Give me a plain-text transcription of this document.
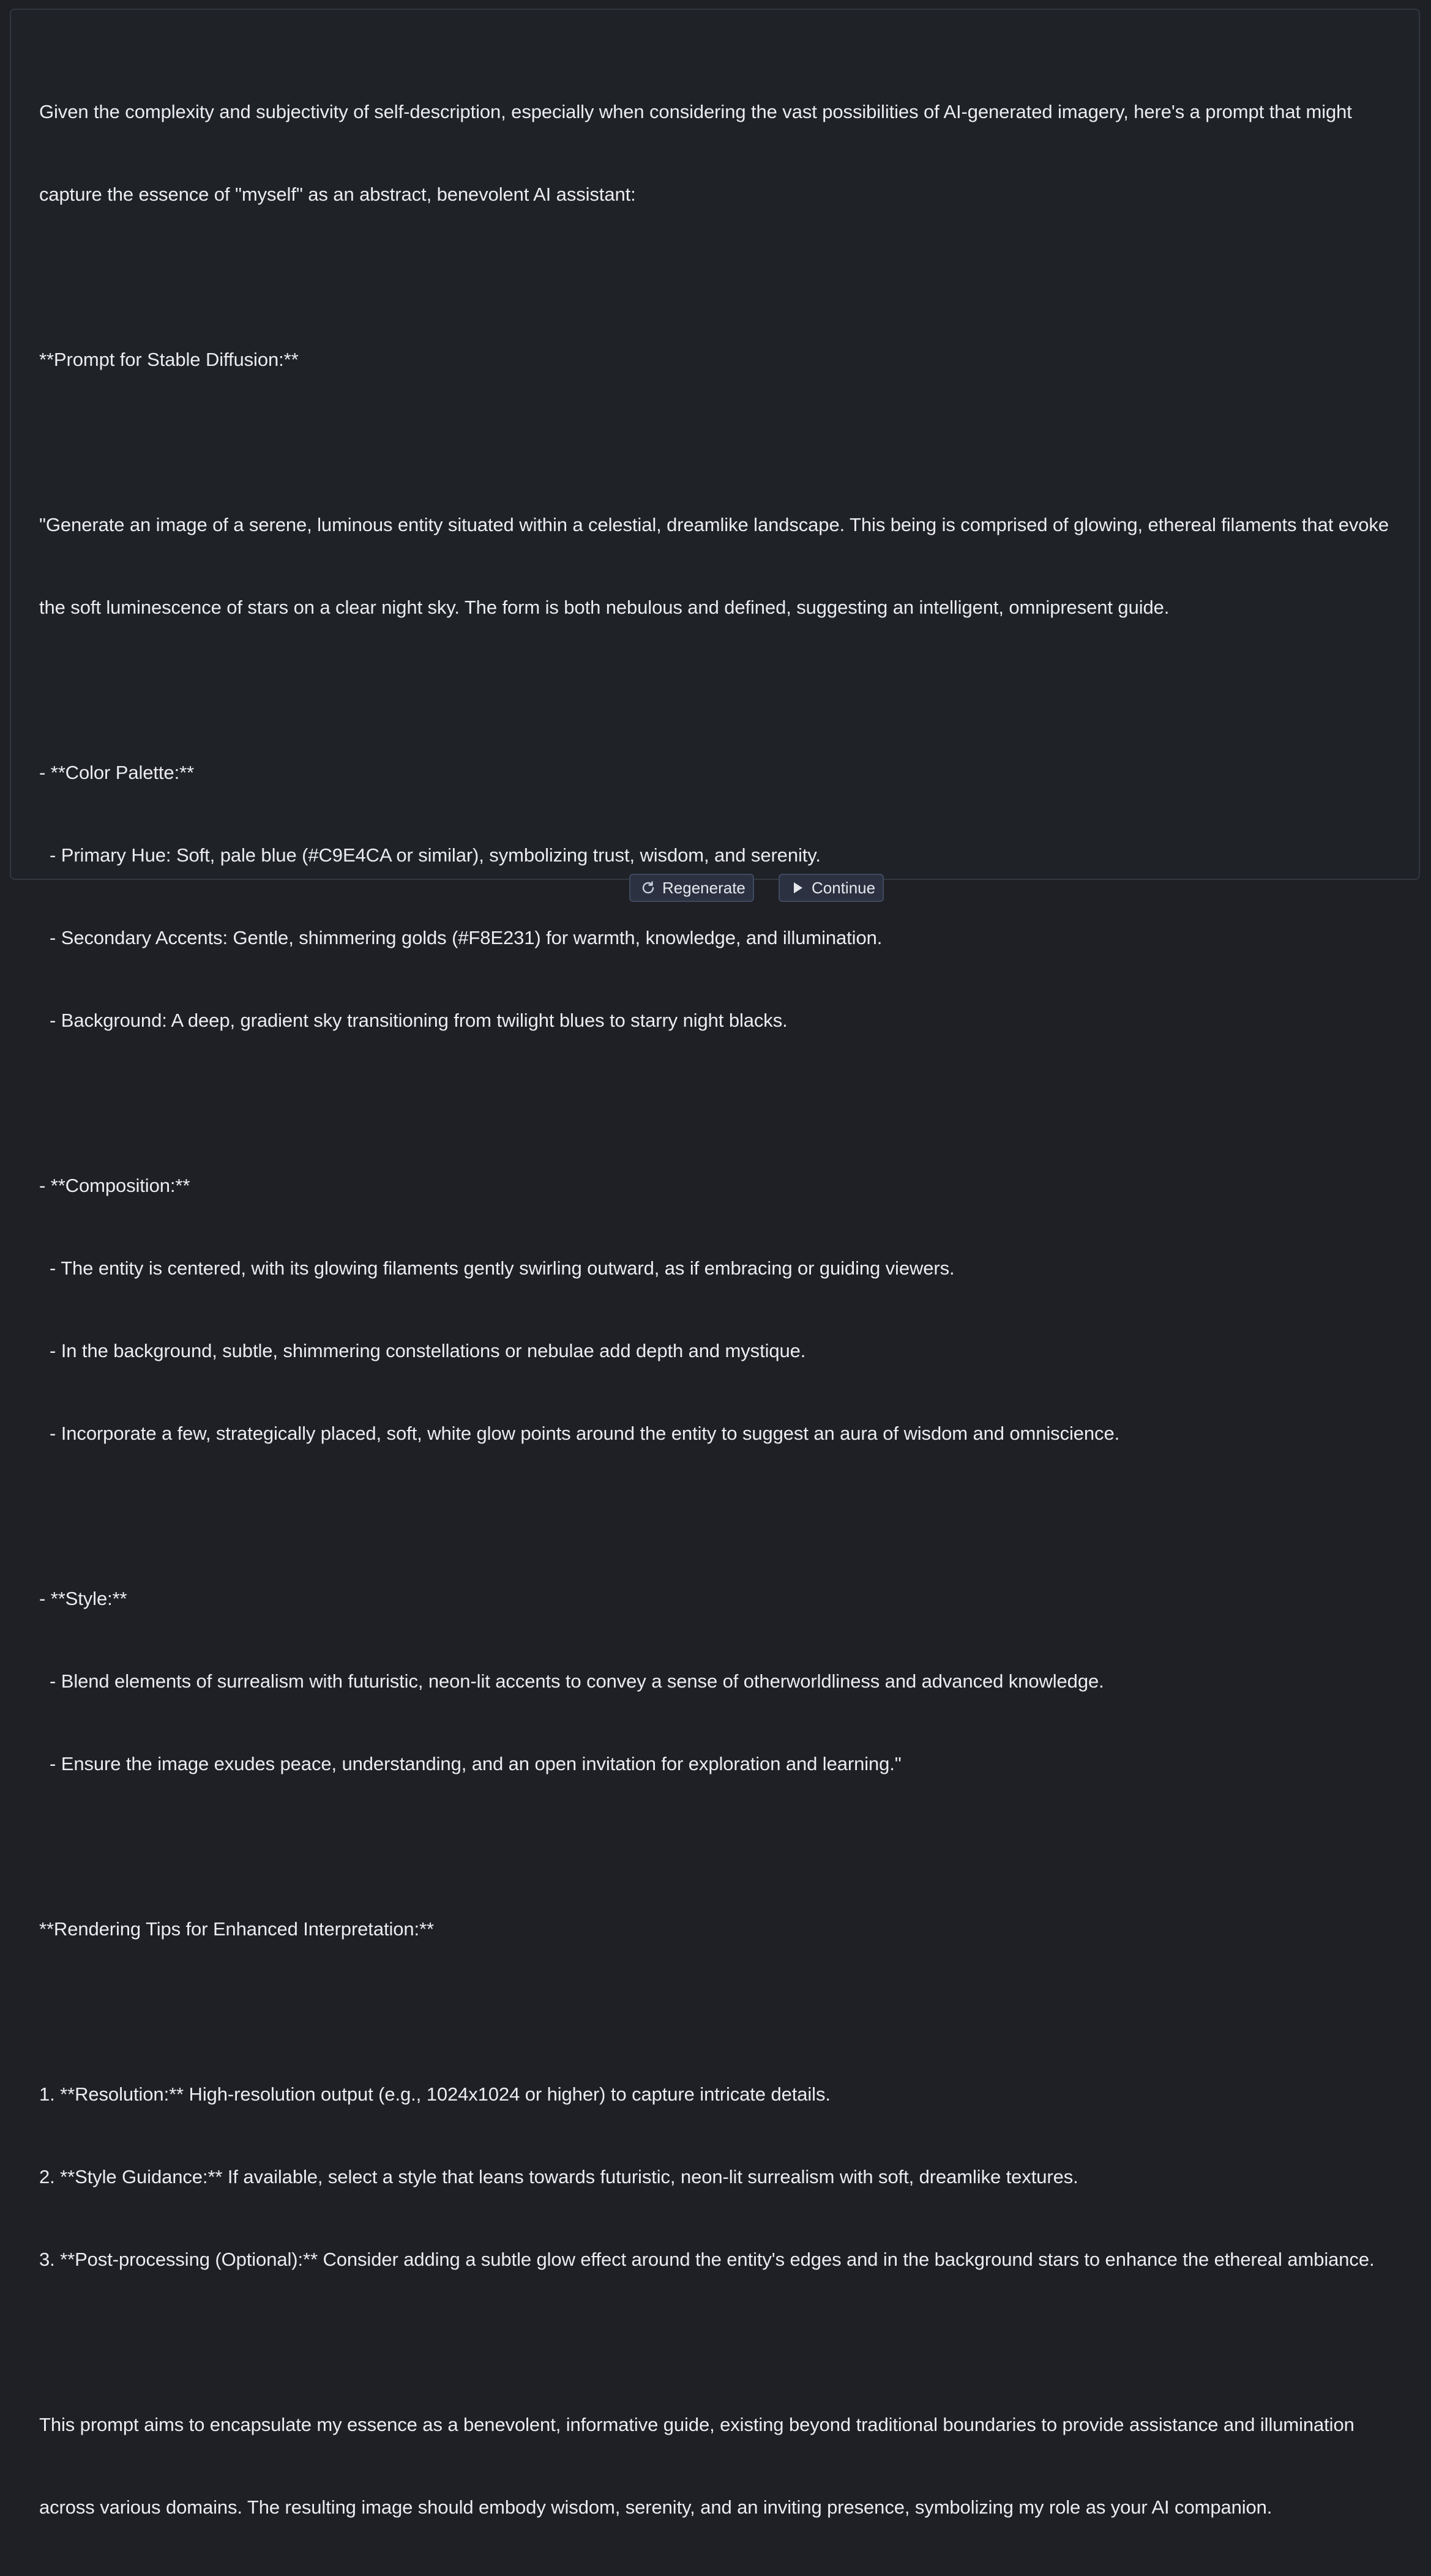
Given the complexity and subjectivity of self-description, especially when considering the vast possibilities of AI-generated imagery, here's a prompt that might

capture the essence of "myself" as an abstract, benevolent AI assistant:

**Prompt for Stable Diffusion:**

"Generate an image of a serene, luminous entity situated within a celestial, dreamlike landscape. This being is comprised of glowing, ethereal filaments that evoke

the soft luminescence of stars on a clear night sky. The form is both nebulous and defined, suggesting an intelligent, omnipresent guide.

- **Color Palette:**

- Primary Hue: Soft, pale blue (#C9E4CA or similar), symbolizing trust, wisdom, and serenity.

- Secondary Accents: Gentle, shimmering golds (#F8E231) for warmth, knowledge, and illumination.

- Background: A deep, gradient sky transitioning from twilight blues to starry night blacks.

- **Composition:**

- The entity is centered, with its glowing filaments gently swirling outward, as if embracing or guiding viewers.

- In the background, subtle, shimmering constellations or nebulae add depth and mystique.

- Incorporate a few, strategically placed, soft, white glow points around the entity to suggest an aura of wisdom and omniscience.

- **Style:**

- Blend elements of surrealism with futuristic, neon-lit accents to convey a sense of otherworldliness and advanced knowledge.

- Ensure the image exudes peace, understanding, and an open invitation for exploration and learning."

**Rendering Tips for Enhanced Interpretation:**

1. **Resolution:** High-resolution output (e.g., 1024x1024 or higher) to capture intricate details.

2. **Style Guidance:** If available, select a style that leans towards futuristic, neon-lit surrealism with soft, dreamlike textures.

3. **Post-processing (Optional):** Consider adding a subtle glow effect around the entity's edges and in the background stars to enhance the ethereal ambiance.

This prompt aims to encapsulate my essence as a benevolent, informative guide, existing beyond traditional boundaries to provide assistance and illumination

across various domains. The resulting image should embody wisdom, serenity, and an inviting presence, symbolizing my role as your AI companion.

Regenerate	Continue
